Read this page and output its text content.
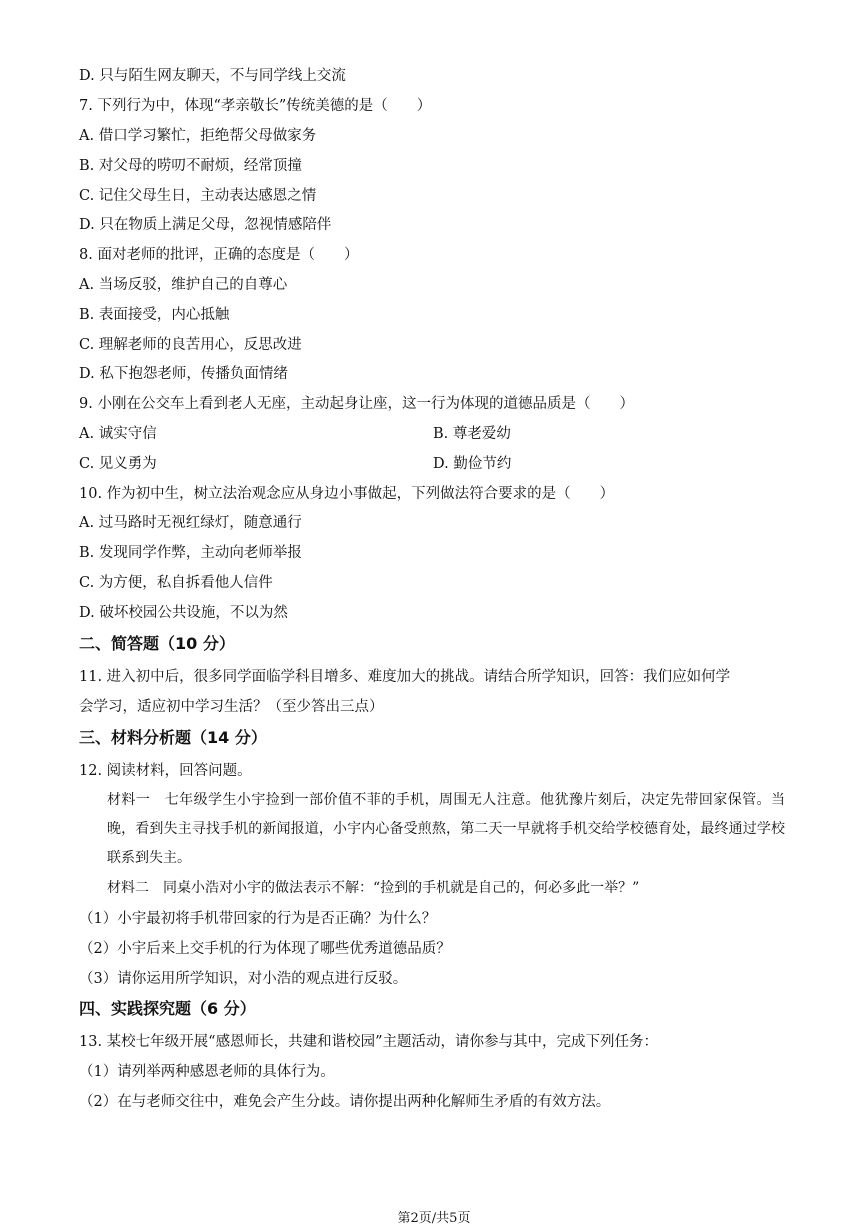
D. 只与陌生网友聊天，不与同学线上交流
7. 下列行为中，体现“孝亲敬长”传统美德的是（　　）
A. 借口学习繁忙，拒绝帮父母做家务
B. 对父母的唠叨不耐烦，经常顶撞
C. 记住父母生日，主动表达感恩之情
D. 只在物质上满足父母，忽视情感陪伴
8. 面对老师的批评，正确的态度是（　　）
A. 当场反驳，维护自己的自尊心
B. 表面接受，内心抵触
C. 理解老师的良苦用心，反思改进
D. 私下抱怨老师，传播负面情绪
9. 小刚在公交车上看到老人无座，主动起身让座，这一行为体现的道德品质是（　　）
A. 诚实守信	B. 尊老爱幼
C. 见义勇为	D. 勤俭节约
10. 作为初中生，树立法治观念应从身边小事做起，下列做法符合要求的是（　　）
A. 过马路时无视红绿灯，随意通行
B. 发现同学作弊，主动向老师举报
C. 为方便，私自拆看他人信件
D. 破坏校园公共设施，不以为然
二、简答题（10 分）
11. 进入初中后，很多同学面临学科目增多、难度加大的挑战。请结合所学知识，回答：我们应如何学
会学习，适应初中学习生活？（至少答出三点）
三、材料分析题（14 分）
12. 阅读材料，回答问题。
材料一　七年级学生小宇捡到一部价值不菲的手机，周围无人注意。他犹豫片刻后，决定先带回家保管。当晚，看到失主寻找手机的新闻报道，小宇内心备受煎熬，第二天一早就将手机交给学校德育处，最终通过学校联系到失主。
材料二　同桌小浩对小宇的做法表示不解：“捡到的手机就是自己的，何必多此一举？”
（1）小宇最初将手机带回家的行为是否正确？为什么？
（2）小宇后来上交手机的行为体现了哪些优秀道德品质？
（3）请你运用所学知识，对小浩的观点进行反驳。
四、实践探究题（6 分）
13. 某校七年级开展“感恩师长，共建和谐校园”主题活动，请你参与其中，完成下列任务：
（1）请列举两种感恩老师的具体行为。
（2）在与老师交往中，难免会产生分歧。请你提出两种化解师生矛盾的有效方法。
第2页/共5页
